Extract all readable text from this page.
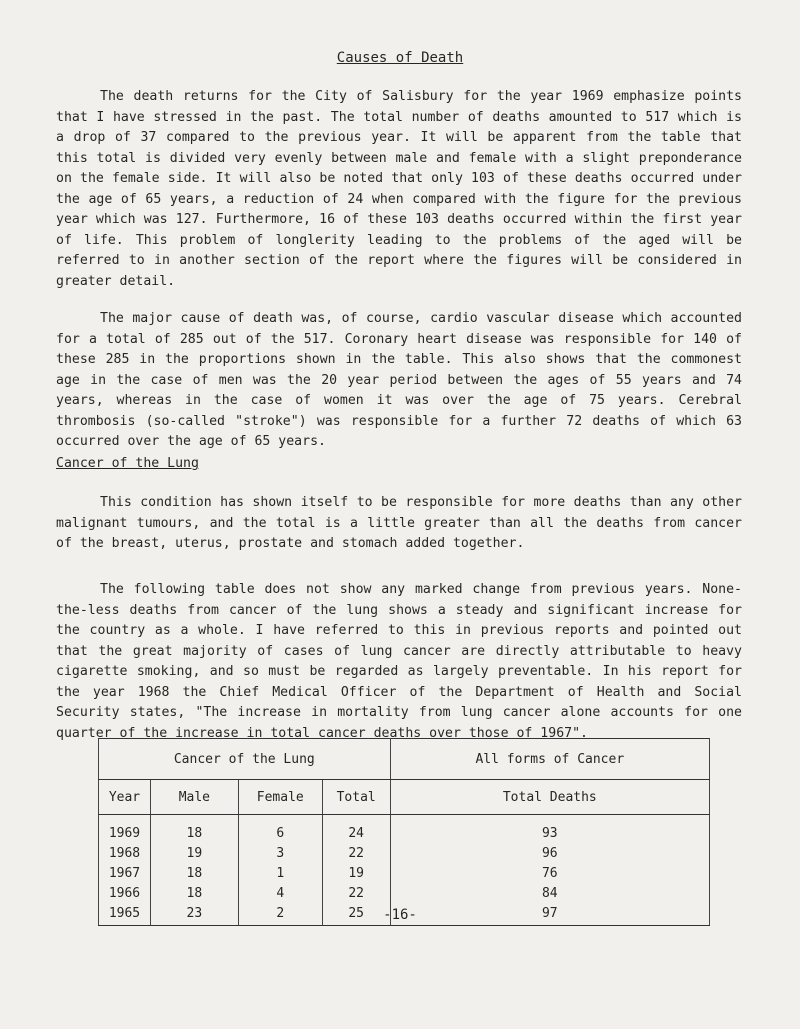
Causes of Death

The death returns for the City of Salisbury for the year 1969 emphasize points that I have stressed in the past. The total number of deaths amounted to 517 which is a drop of 37 compared to the previous year. It will be apparent from the table that this total is divided very evenly between male and female with a slight preponderance on the female side. It will also be noted that only 103 of these deaths occurred under the age of 65 years, a reduction of 24 when compared with the figure for the previous year which was 127. Furthermore, 16 of these 103 deaths occurred within the first year of life. This problem of longlerity leading to the problems of the aged will be referred to in another section of the report where the figures will be considered in greater detail.

The major cause of death was, of course, cardio vascular disease which accounted for a total of 285 out of the 517. Coronary heart disease was responsible for 140 of these 285 in the proportions shown in the table. This also shows that the commonest age in the case of men was the 20 year period between the ages of 55 years and 74 years, whereas in the case of women it was over the age of 75 years. Cerebral thrombosis (so-called "stroke") was responsible for a further 72 deaths of which 63 occurred over the age of 65 years.

Cancer of the Lung

This condition has shown itself to be responsible for more deaths than any other malignant tumours, and the total is a little greater than all the deaths from cancer of the breast, uterus, prostate and stomach added together.

The following table does not show any marked change from previous years. None-the-less deaths from cancer of the lung shows a steady and significant increase for the country as a whole. I have referred to this in previous reports and pointed out that the great majority of cases of lung cancer are directly attributable to heavy cigarette smoking, and so must be regarded as largely preventable. In his report for the year 1968 the Chief Medical Officer of the Department of Health and Social Security states, "The increase in mortality from lung cancer alone accounts for one quarter of the increase in total cancer deaths over those of 1967".

Cancer of the Lung				All forms of Cancer
Year	Male	Female	Total	Total Deaths
1969	18	6	24	93
1968	19	3	22	96
1967	18	1	19	76
1966	18	4	22	84
1965	23	2	25	97
-16-
